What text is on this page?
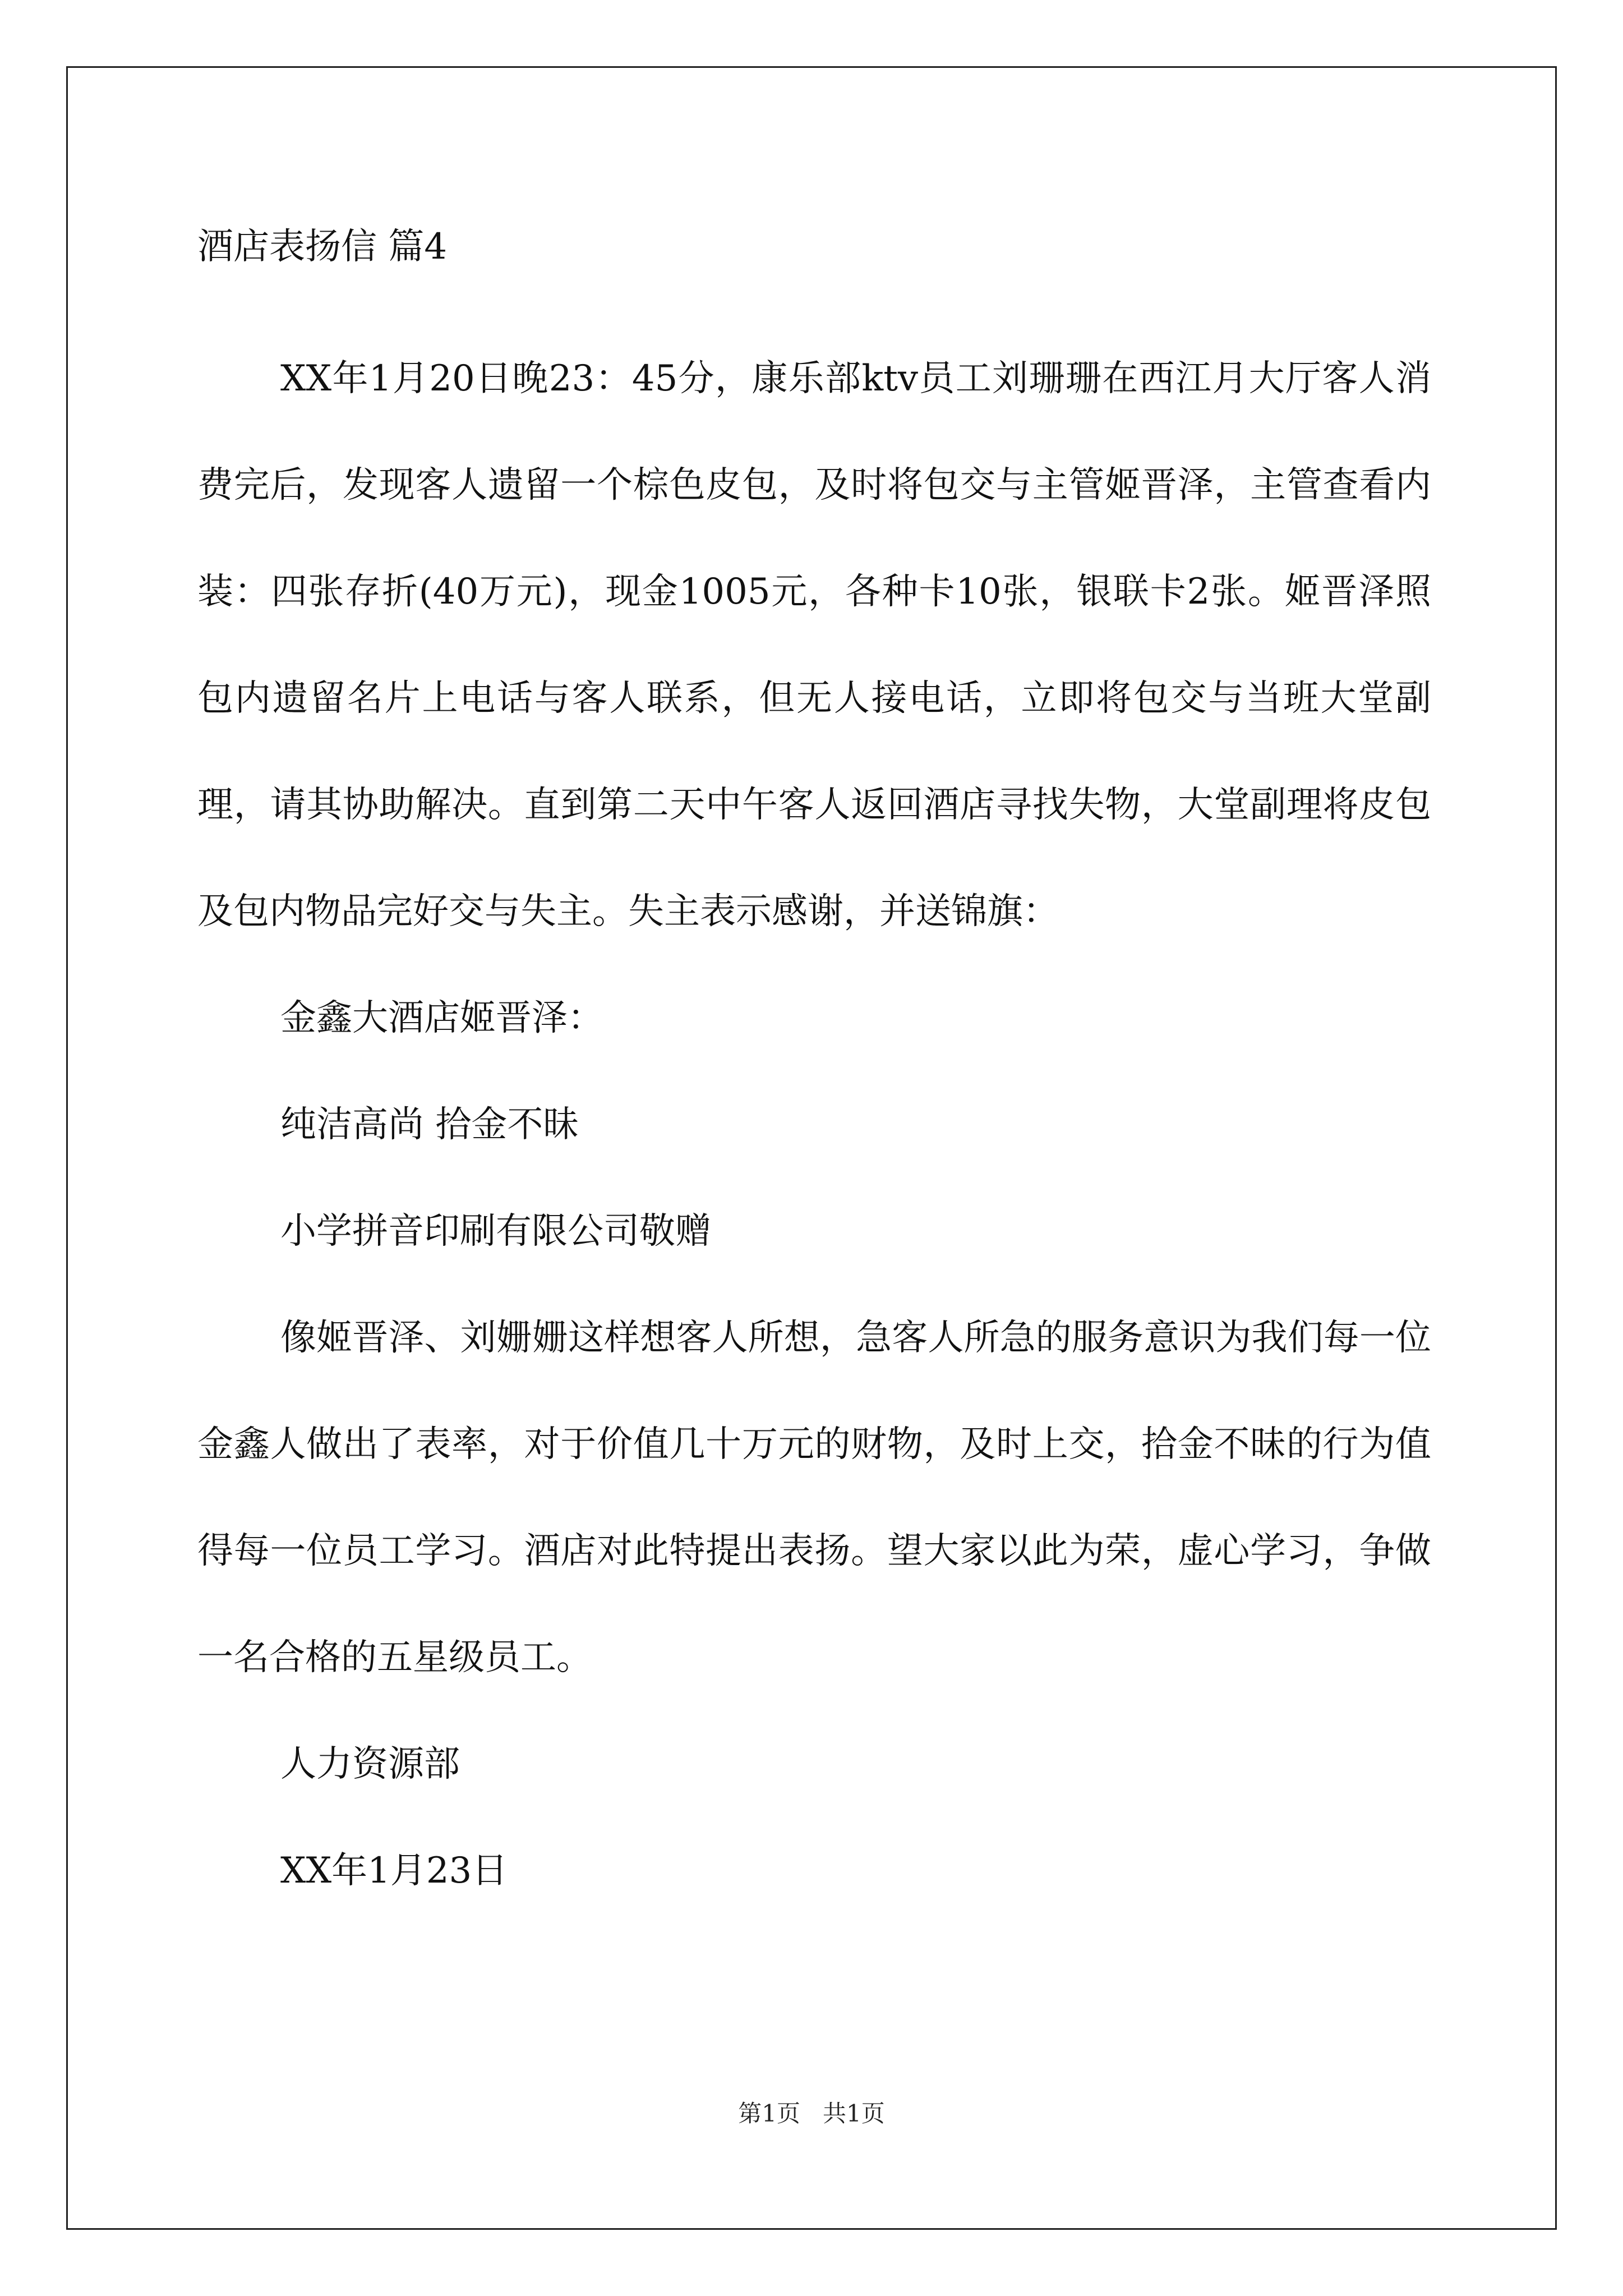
酒店表扬信 篇4

XX年1月20日晚23：45分，康乐部ktv员工刘珊珊在西江月大厅客人消费完后，发现客人遗留一个棕色皮包，及时将包交与主管姬晋泽，主管查看内装：四张存折(40万元)，现金1005元，各种卡10张，银联卡2张。姬晋泽照包内遗留名片上电话与客人联系，但无人接电话，立即将包交与当班大堂副理，请其协助解决。直到第二天中午客人返回酒店寻找失物，大堂副理将皮包及包内物品完好交与失主。失主表示感谢，并送锦旗：

金鑫大酒店姬晋泽：

纯洁高尚 拾金不昧

小学拼音印刷有限公司敬赠

像姬晋泽、刘姗姗这样想客人所想，急客人所急的服务意识为我们每一位金鑫人做出了表率，对于价值几十万元的财物，及时上交，拾金不昧的行为值得每一位员工学习。酒店对此特提出表扬。望大家以此为荣，虚心学习，争做一名合格的五星级员工。

人力资源部

XX年1月23日

第1页   共1页
